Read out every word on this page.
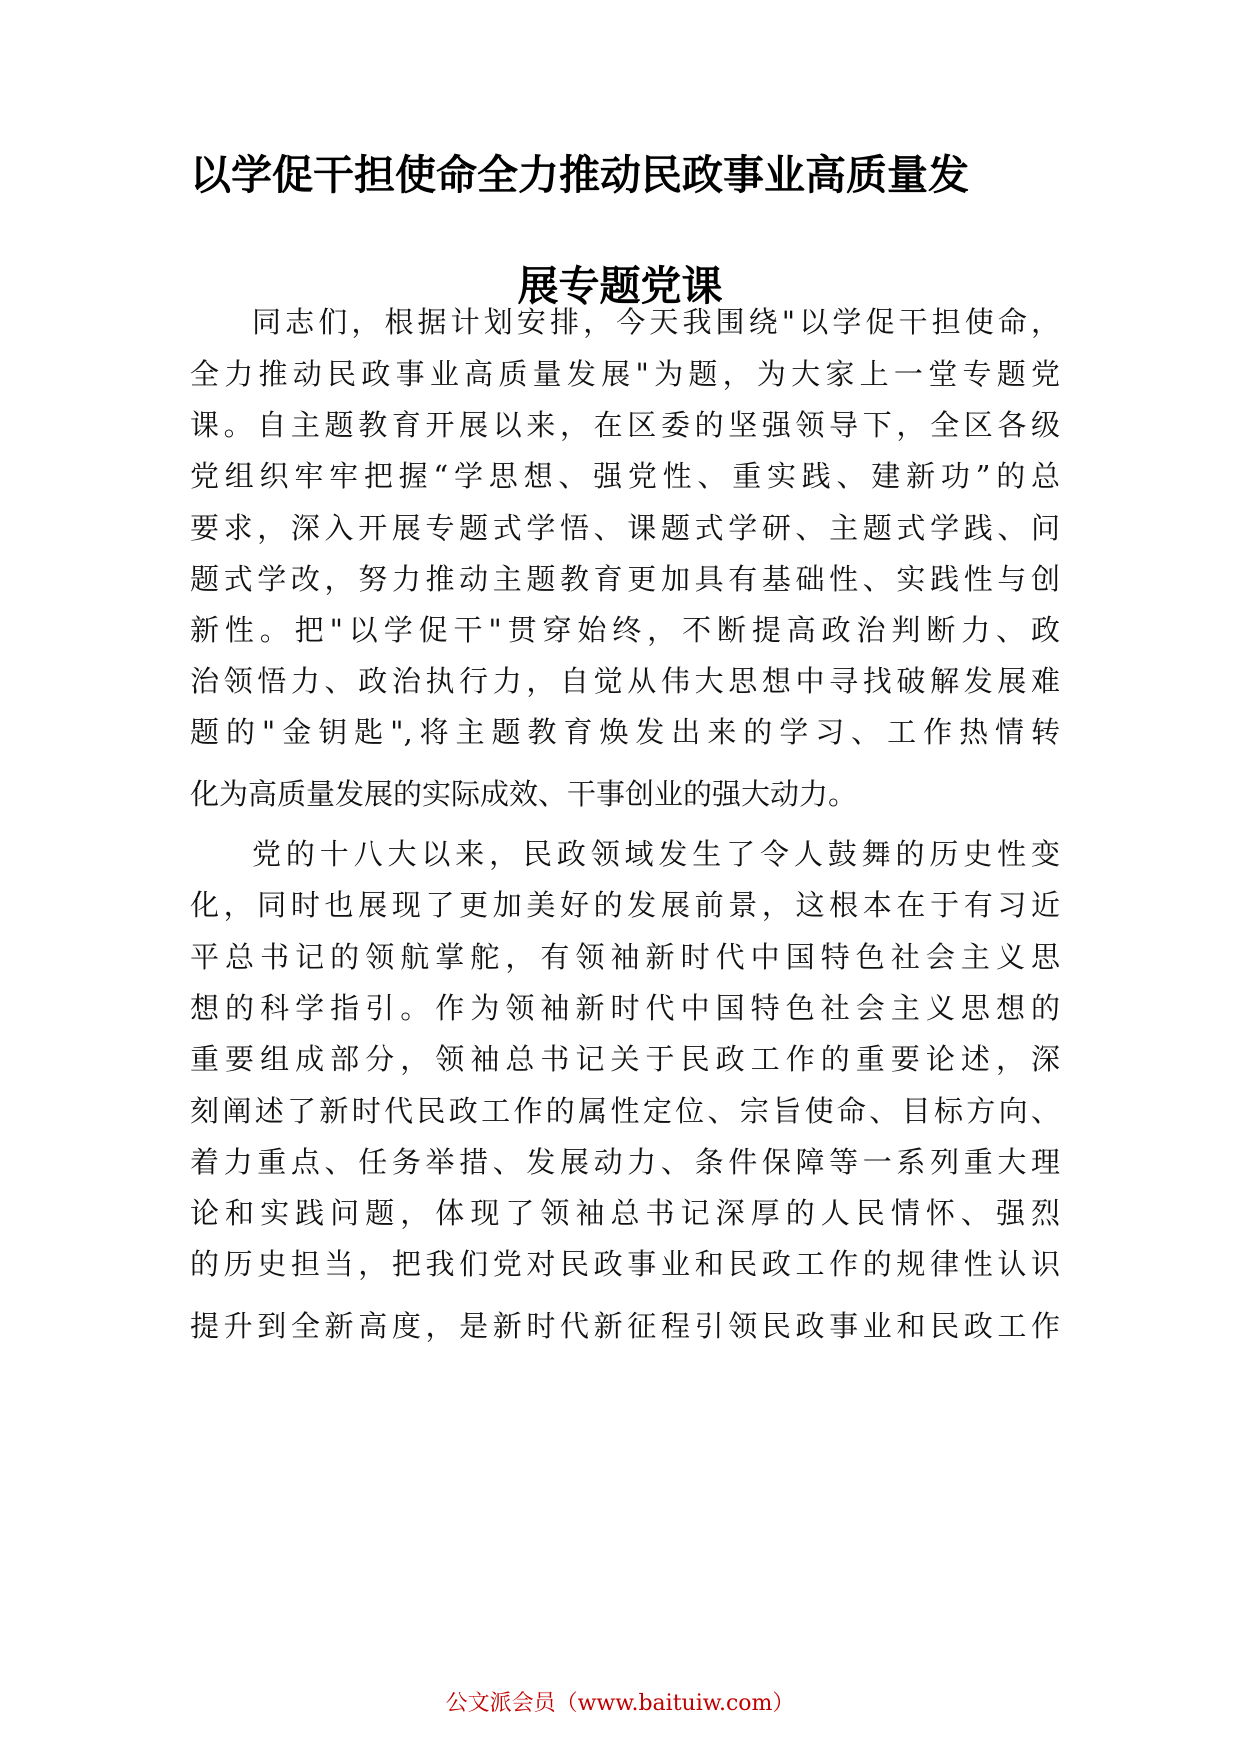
以学促干担使命全力推动民政事业高质量发
展专题党课
同志们，根据计划安排，今天我围绕"以学促干担使命，
全力推动民政事业高质量发展"为题，为大家上一堂专题党
课。自主题教育开展以来，在区委的坚强领导下，全区各级
党组织牢牢把握“学思想、强党性、重实践、建新功”的总
要求，深入开展专题式学悟、课题式学研、主题式学践、问
题式学改，努力推动主题教育更加具有基础性、实践性与创
新性。把"以学促干"贯穿始终，不断提高政治判断力、政
治领悟力、政治执行力，自觉从伟大思想中寻找破解发展难
题的"金钥匙",将主题教育焕发出来的学习、工作热情转
化为高质量发展的实际成效、干事创业的强大动力。
党的十八大以来，民政领域发生了令人鼓舞的历史性变
化，同时也展现了更加美好的发展前景，这根本在于有习近
平总书记的领航掌舵，有领袖新时代中国特色社会主义思
想的科学指引。作为领袖新时代中国特色社会主义思想的
重要组成部分，领袖总书记关于民政工作的重要论述，深
刻阐述了新时代民政工作的属性定位、宗旨使命、目标方向、
着力重点、任务举措、发展动力、条件保障等一系列重大理
论和实践问题，体现了领袖总书记深厚的人民情怀、强烈
的历史担当，把我们党对民政事业和民政工作的规律性认识
提升到全新高度，是新时代新征程引领民政事业和民政工作
公文派会员（www.baituiw.com）
